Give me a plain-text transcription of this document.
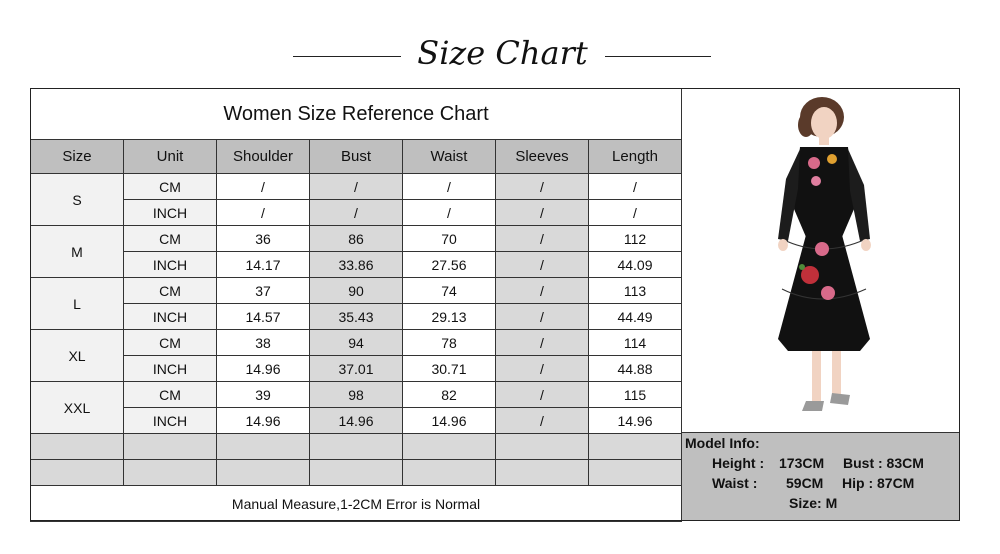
Size Chart
Women Size Reference Chart						
Size	Unit	Shoulder	Bust	Waist	Sleeves	Length
S	CM	/	/	/	/	/
	INCH	/	/	/	/	/
M	CM	36	86	70	/	112
	INCH	14.17	33.86	27.56	/	44.09
L	CM	37	90	74	/	113
	INCH	14.57	35.43	29.13	/	44.49
XL	CM	38	94	78	/	114
	INCH	14.96	37.01	30.71	/	44.88
XXL	CM	39	98	82	/	115
	INCH	14.96	14.96	14.96	/	14.96

Manual Measure,1-2CM Error is Normal						
Model Info:
Height : 173CM Bust : 83CM
Waist : 59CM Hip : 87CM
Size: M
